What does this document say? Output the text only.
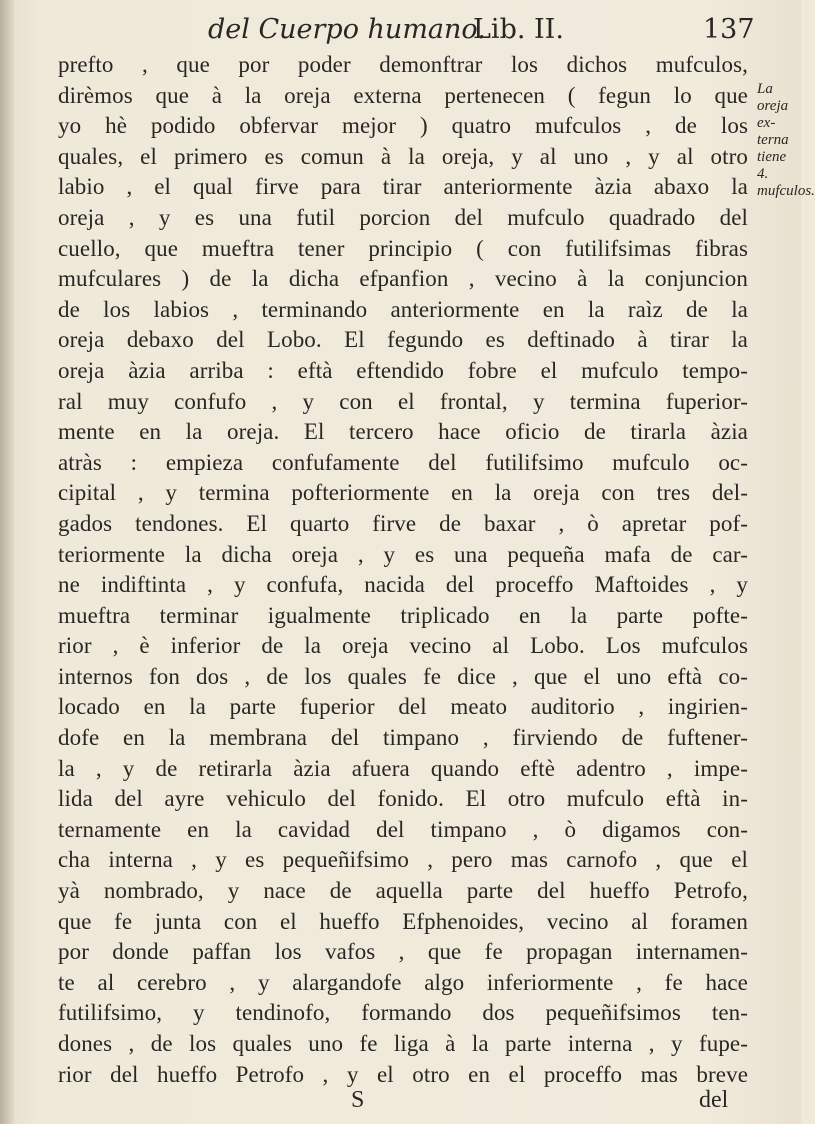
del Cuerpo humano.
Lib. II.	137
La oreja ex-
terna tiene 4.
mufculos.
prefto , que por poder demonftrar los dichos mufculos,
dirèmos que à la oreja externa pertenecen ( fegun lo que
yo hè podido obfervar mejor ) quatro mufculos , de los
quales, el primero es comun à la oreja, y al uno , y al otro
labio , el qual firve para tirar anteriormente àzia abaxo la
oreja , y es una futil porcion del mufculo quadrado del
cuello, que mueftra tener principio ( con futilifsimas fibras
mufculares ) de la dicha efpanfion , vecino à la conjuncion
de los labios , terminando anteriormente en la raìz de la
oreja debaxo del Lobo. El fegundo es deftinado à tirar la
oreja àzia arriba : eftà eftendido fobre el mufculo tempo-
ral muy confufo , y con el frontal, y termina fuperior-
mente en la oreja. El tercero hace oficio de tirarla àzia
atràs : empieza confufamente del futilifsimo mufculo oc-
cipital , y termina pofteriormente en la oreja con tres del-
gados tendones. El quarto firve de baxar , ò apretar pof-
teriormente la dicha oreja , y es una pequeña mafa de car-
ne indiftinta , y confufa, nacida del proceffo Maftoides , y
mueftra terminar igualmente triplicado en la parte pofte-
rior , è inferior de la oreja vecino al Lobo. Los mufculos
internos fon dos , de los quales fe dice , que el uno eftà co-
locado en la parte fuperior del meato auditorio , ingirien-
dofe en la membrana del timpano , firviendo de fuftener-
la , y de retirarla àzia afuera quando eftè adentro , impe-
lida del ayre vehiculo del fonido. El otro mufculo eftà in-
ternamente en la cavidad del timpano , ò digamos con-
cha interna , y es pequeñifsimo , pero mas carnofo , que el
yà nombrado, y nace de aquella parte del hueffo Petrofo,
que fe junta con el hueffo Efphenoides, vecino al foramen
por donde paffan los vafos , que fe propagan internamen-
te al cerebro , y alargandofe algo inferiormente , fe hace
futilifsimo, y tendinofo, formando dos pequeñifsimos ten-
dones , de los quales uno fe liga à la parte interna , y fupe-
rior del hueffo Petrofo , y el otro en el proceffo mas breve
S	del
